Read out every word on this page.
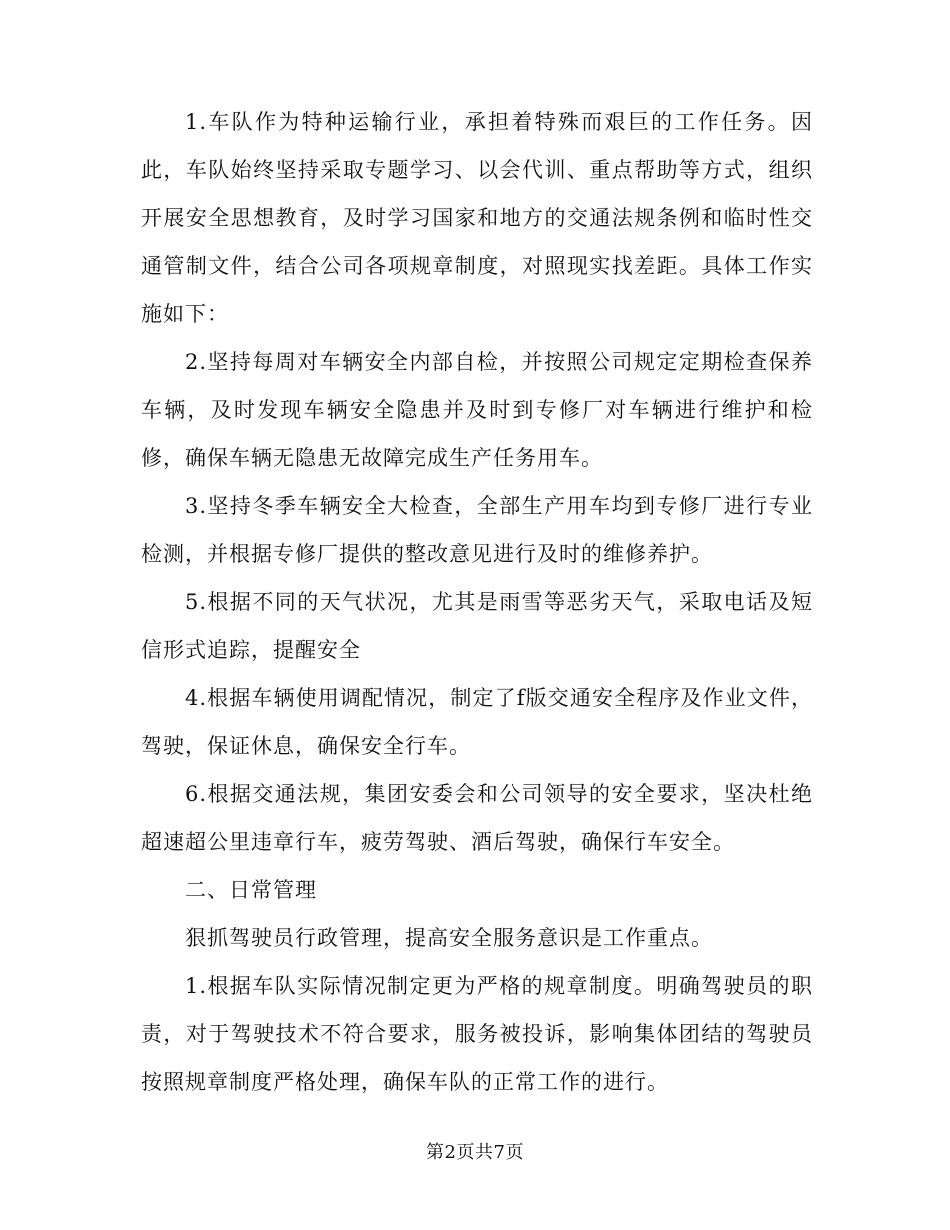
1.车队作为特种运输行业，承担着特殊而艰巨的工作任务。因此，车队始终坚持采取专题学习、以会代训、重点帮助等方式，组织开展安全思想教育，及时学习国家和地方的交通法规条例和临时性交通管制文件，结合公司各项规章制度，对照现实找差距。具体工作实施如下：

2.坚持每周对车辆安全内部自检，并按照公司规定定期检查保养车辆，及时发现车辆安全隐患并及时到专修厂对车辆进行维护和检修，确保车辆无隐患无故障完成生产任务用车。

3.坚持冬季车辆安全大检查，全部生产用车均到专修厂进行专业检测，并根据专修厂提供的整改意见进行及时的维修养护。

5.根据不同的天气状况，尤其是雨雪等恶劣天气，采取电话及短信形式追踪，提醒安全

4.根据车辆使用调配情况，制定了f版交通安全程序及作业文件，驾驶，保证休息，确保安全行车。

6.根据交通法规，集团安委会和公司领导的安全要求，坚决杜绝超速超公里违章行车，疲劳驾驶、酒后驾驶，确保行车安全。

二、日常管理

狠抓驾驶员行政管理，提高安全服务意识是工作重点。

1.根据车队实际情况制定更为严格的规章制度。明确驾驶员的职责，对于驾驶技术不符合要求，服务被投诉，影响集体团结的驾驶员按照规章制度严格处理，确保车队的正常工作的进行。

第2页共7页
